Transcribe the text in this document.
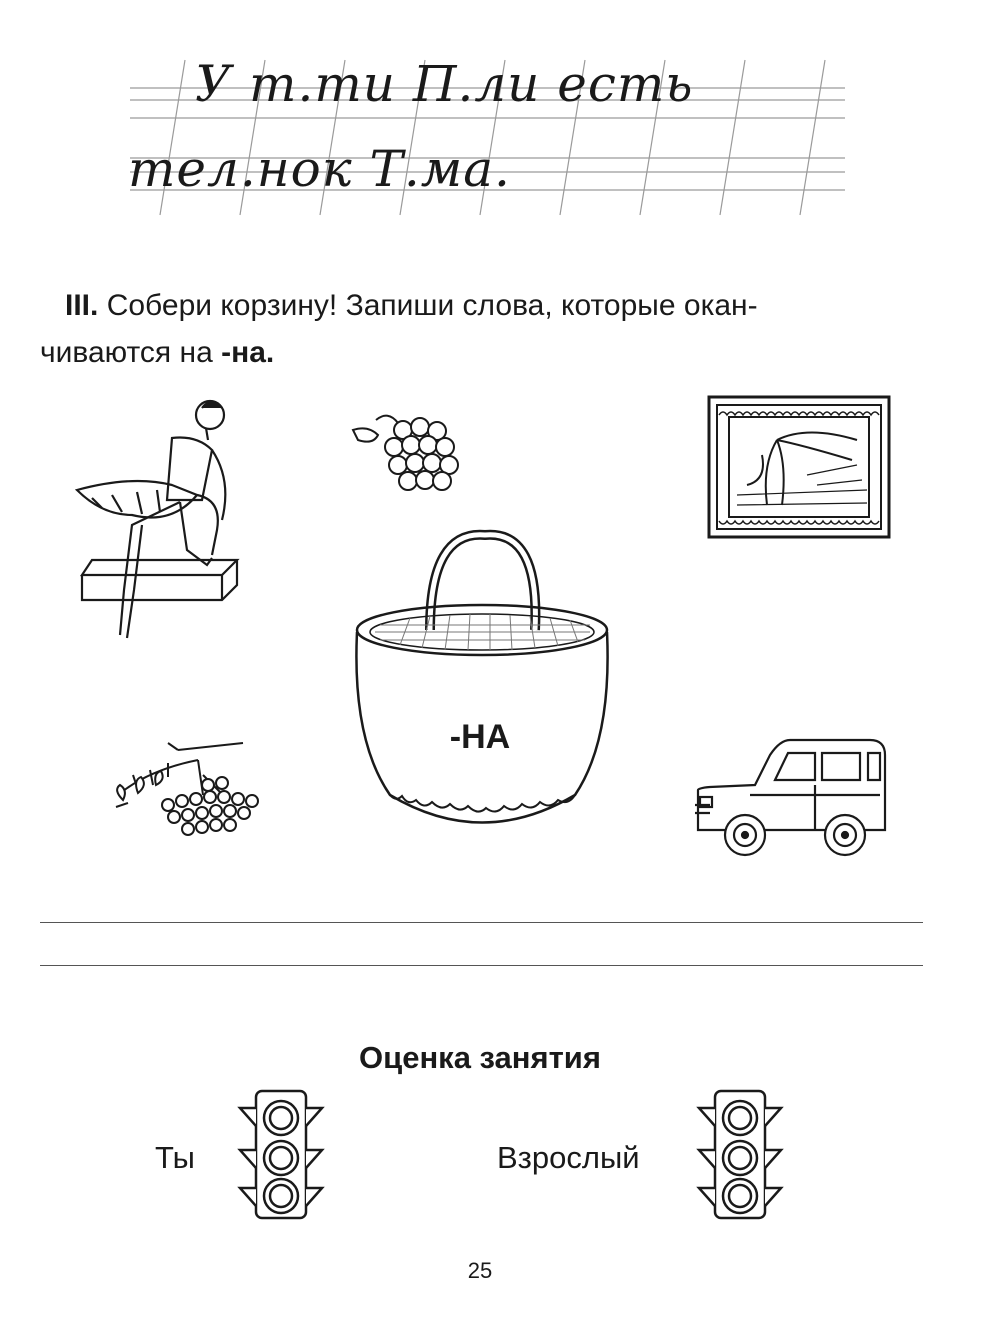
У т.ти П.ли есть
тел.нок Т.ма.
III. Собери корзину! Запиши слова, которые окан-
чиваются на -на.
-НА
Оценка занятия
Ты	Взрослый
25
